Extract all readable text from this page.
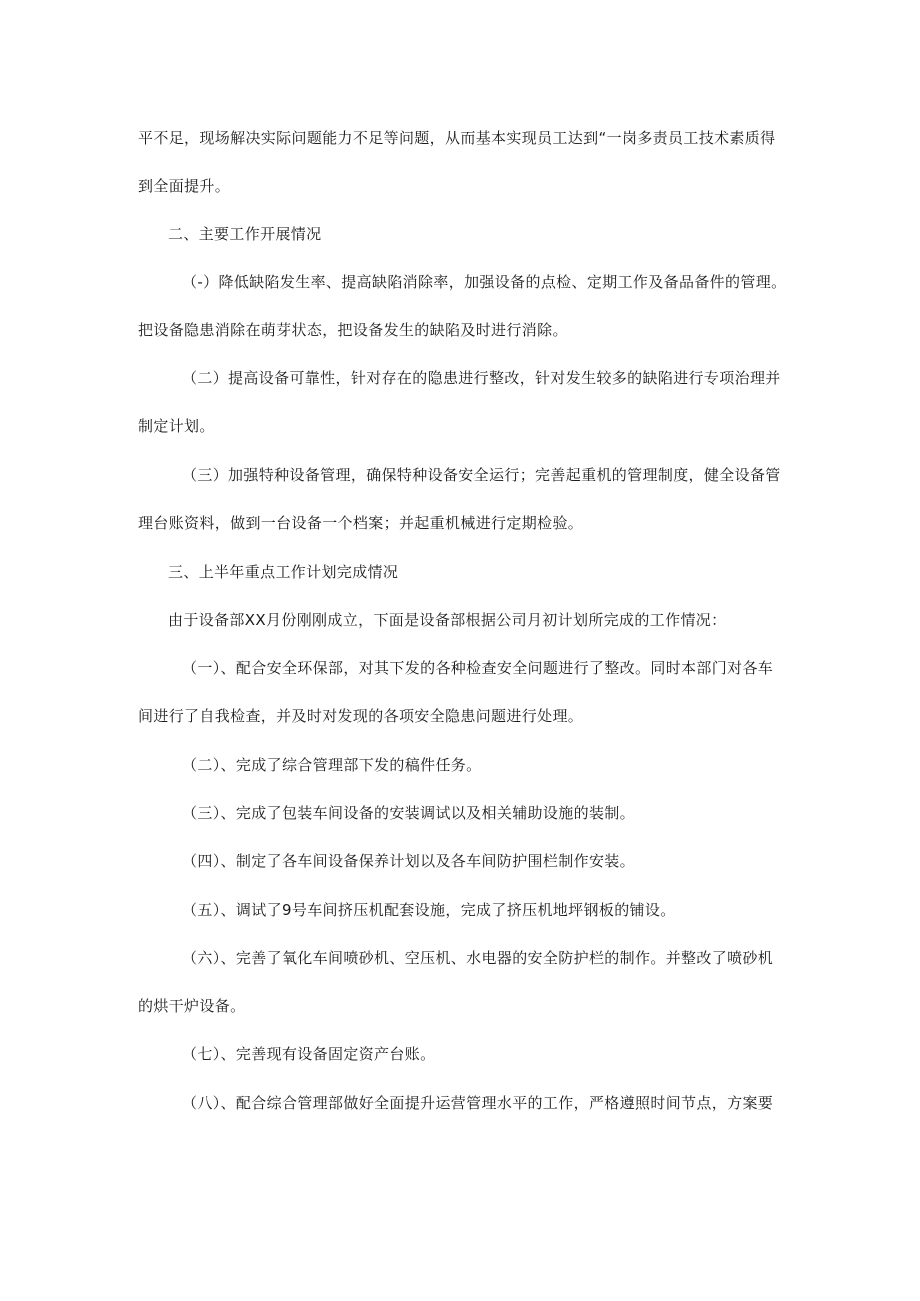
平不足，现场解决实际问题能力不足等问题，从而基本实现员工达到“一岗多责员工技术素质得
到全面提升。
二、主要工作开展情况
（-）降低缺陷发生率、提高缺陷消除率，加强设备的点检、定期工作及备品备件的管理。
把设备隐患消除在萌芽状态，把设备发生的缺陷及时进行消除。
（二）提高设备可靠性，针对存在的隐患进行整改，针对发生较多的缺陷进行专项治理并
制定计划。
（三）加强特种设备管理，确保特种设备安全运行；完善起重机的管理制度，健全设备管
理台账资料，做到一台设备一个档案；并起重机械进行定期检验。
三、上半年重点工作计划完成情况
由于设备部XX月份刚刚成立，下面是设备部根据公司月初计划所完成的工作情况：
（一）、配合安全环保部，对其下发的各种检查安全问题进行了整改。同时本部门对各车
间进行了自我检查，并及时对发现的各项安全隐患问题进行处理。
（二）、完成了综合管理部下发的稿件任务。
（三）、完成了包装车间设备的安装调试以及相关辅助设施的装制。
（四）、制定了各车间设备保养计划以及各车间防护围栏制作安装。
（五）、调试了9号车间挤压机配套设施，完成了挤压机地坪钢板的铺设。
（六）、完善了氧化车间喷砂机、空压机、水电器的安全防护栏的制作。并整改了喷砂机
的烘干炉设备。
（七）、完善现有设备固定资产台账。
（八）、配合综合管理部做好全面提升运营管理水平的工作，严格遵照时间节点，方案要
